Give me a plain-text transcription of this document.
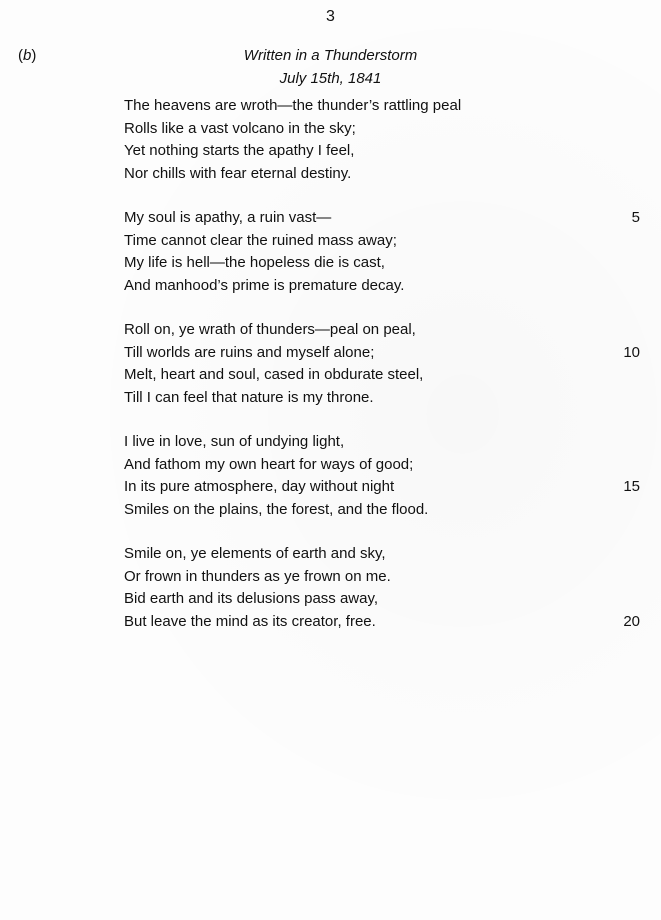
3
(b)	Written in a Thunderstorm
July 15th, 1841
The heavens are wroth—the thunder’s rattling peal
Rolls like a vast volcano in the sky;
Yet nothing starts the apathy I feel,
Nor chills with fear eternal destiny.
My soul is apathy, a ruin vast—	5
Time cannot clear the ruined mass away;
My life is hell—the hopeless die is cast,
And manhood’s prime is premature decay.
Roll on, ye wrath of thunders—peal on peal,
Till worlds are ruins and myself alone;	10
Melt, heart and soul, cased in obdurate steel,
Till I can feel that nature is my throne.
I live in love, sun of undying light,
And fathom my own heart for ways of good;
In its pure atmosphere, day without night	15
Smiles on the plains, the forest, and the flood.
Smile on, ye elements of earth and sky,
Or frown in thunders as ye frown on me.
Bid earth and its delusions pass away,
But leave the mind as its creator, free.	20
